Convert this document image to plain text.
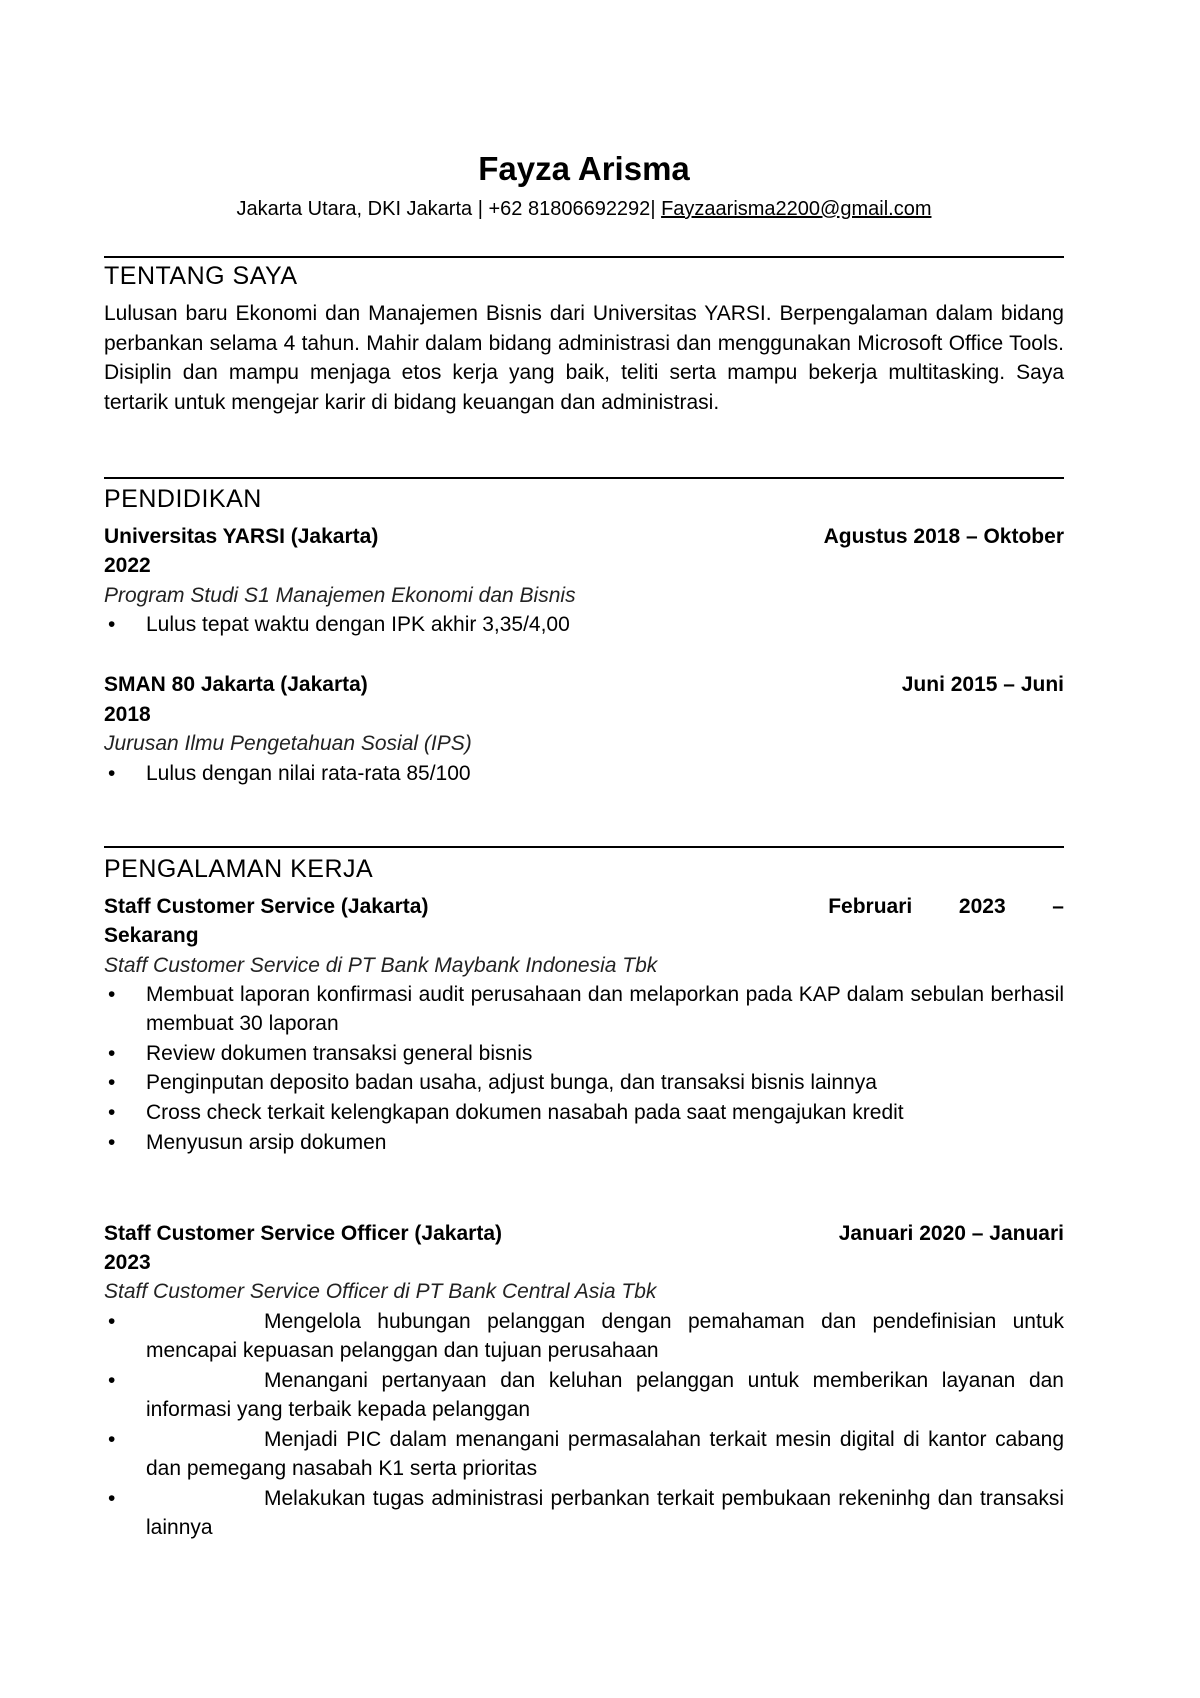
Fayza Arisma
Jakarta Utara, DKI Jakarta | +62 81806692292| Fayzaarisma2200@gmail.com
TENTANG SAYA
Lulusan baru Ekonomi dan Manajemen Bisnis dari Universitas YARSI. Berpengalaman dalam bidang perbankan selama 4 tahun. Mahir dalam bidang administrasi dan menggunakan Microsoft Office Tools. Disiplin dan mampu menjaga etos kerja yang baik, teliti serta mampu bekerja multitasking. Saya tertarik untuk mengejar karir di bidang keuangan dan administrasi.
PENDIDIKAN
Universitas YARSI (Jakarta)	Agustus 2018 – Oktober
2022
Program Studi S1 Manajemen Ekonomi dan Bisnis
• Lulus tepat waktu dengan IPK akhir 3,35/4,00
SMAN 80 Jakarta (Jakarta)	Juni 2015 – Juni
2018
Jurusan Ilmu Pengetahuan Sosial (IPS)
• Lulus dengan nilai rata-rata 85/100
PENGALAMAN KERJA
Staff Customer Service (Jakarta)	Februari        2023        –
Sekarang
Staff Customer Service di PT Bank Maybank Indonesia Tbk
• Membuat laporan konfirmasi audit perusahaan dan melaporkan pada KAP dalam sebulan berhasil membuat 30 laporan
• Review dokumen transaksi general bisnis
• Penginputan deposito badan usaha, adjust bunga, dan transaksi bisnis lainnya
• Cross check terkait kelengkapan dokumen nasabah pada saat mengajukan kredit
• Menyusun arsip dokumen
Staff Customer Service Officer (Jakarta)	Januari 2020 – Januari
2023
Staff Customer Service Officer di PT Bank Central Asia Tbk
•	Mengelola hubungan pelanggan dengan pemahaman dan pendefinisian untuk mencapai kepuasan pelanggan dan tujuan perusahaan
•	Menangani pertanyaan dan keluhan pelanggan untuk memberikan layanan dan informasi yang terbaik kepada pelanggan
•	Menjadi PIC dalam menangani permasalahan terkait mesin digital di kantor cabang dan pemegang nasabah K1 serta prioritas
•	Melakukan tugas administrasi perbankan terkait pembukaan rekeninhg dan transaksi lainnya
